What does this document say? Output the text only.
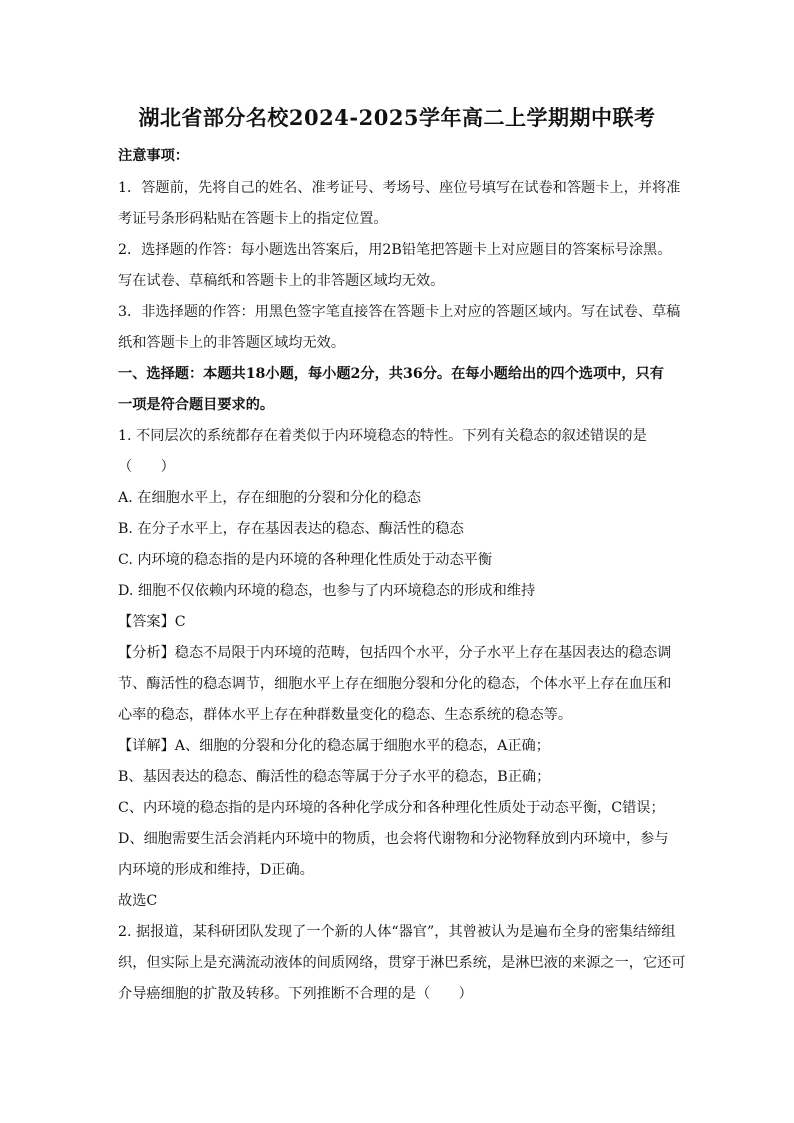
湖北省部分名校2024-2025学年高二上学期期中联考
注意事项：
1．答题前，先将自己的姓名、准考证号、考场号、座位号填写在试卷和答题卡上，并将准
考证号条形码粘贴在答题卡上的指定位置。
2．选择题的作答：每小题选出答案后，用2B铅笔把答题卡上对应题目的答案标号涂黑。
写在试卷、草稿纸和答题卡上的非答题区域均无效。
3．非选择题的作答：用黑色签字笔直接答在答题卡上对应的答题区域内。写在试卷、草稿
纸和答题卡上的非答题区域均无效。
一、选择题：本题共18小题，每小题2分，共36分。在每小题给出的四个选项中，只有
一项是符合题目要求的。
1. 不同层次的系统都存在着类似于内环境稳态的特性。下列有关稳态的叙述错误的是
（　　）
A. 在细胞水平上，存在细胞的分裂和分化的稳态
B. 在分子水平上，存在基因表达的稳态、酶活性的稳态
C. 内环境的稳态指的是内环境的各种理化性质处于动态平衡
D. 细胞不仅依赖内环境的稳态，也参与了内环境稳态的形成和维持
【答案】C
【分析】稳态不局限于内环境的范畴，包括四个水平，分子水平上存在基因表达的稳态调
节、酶活性的稳态调节，细胞水平上存在细胞分裂和分化的稳态，个体水平上存在血压和
心率的稳态，群体水平上存在种群数量变化的稳态、生态系统的稳态等。
【详解】A、细胞的分裂和分化的稳态属于细胞水平的稳态，A正确；
B、基因表达的稳态、酶活性的稳态等属于分子水平的稳态，B正确；
C、内环境的稳态指的是内环境的各种化学成分和各种理化性质处于动态平衡，C错误；
D、细胞需要生活会消耗内环境中的物质，也会将代谢物和分泌物释放到内环境中，参与
内环境的形成和维持，D正确。
故选C
2. 据报道，某科研团队发现了一个新的人体“器官”，其曾被认为是遍布全身的密集结缔组
织，但实际上是充满流动液体的间质网络，贯穿于淋巴系统，是淋巴液的来源之一，它还可
介导癌细胞的扩散及转移。下列推断不合理的是（　　）
